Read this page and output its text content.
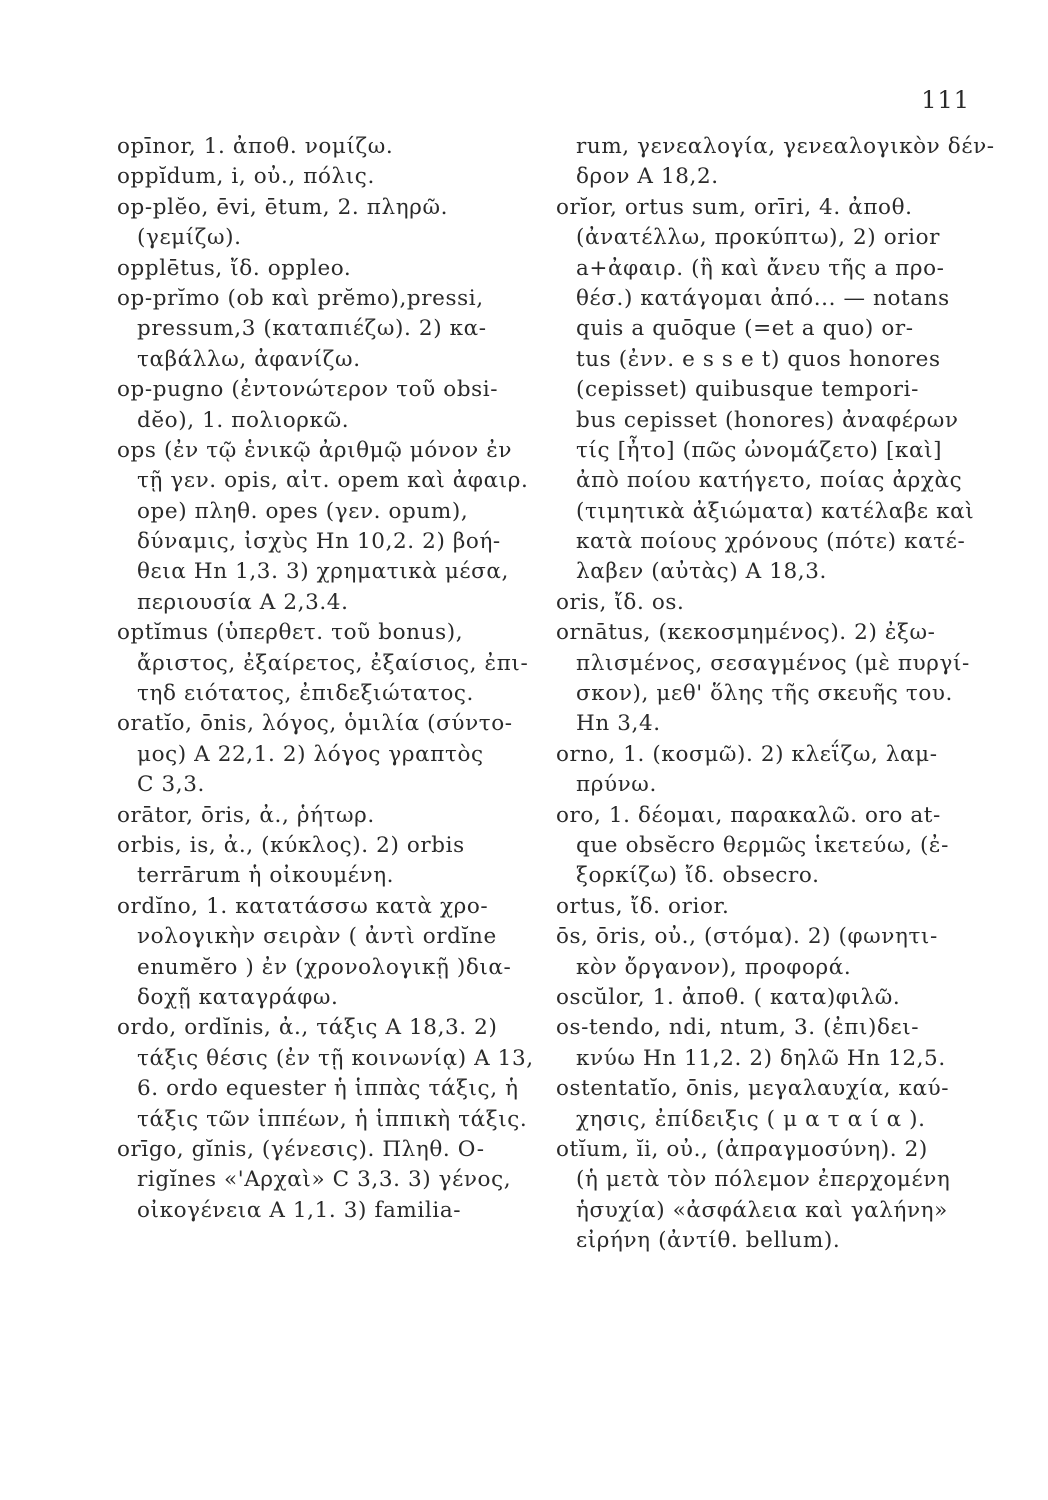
111
opīnor, 1. ἀποθ. νομίζω.
oppĭdum, i, οὐ., πόλις.
op-plĕo, ēvi, ētum, 2. πληρῶ.
(γεμίζω).
opplētus, ἴδ. oppleo.
op-prĭmo (ob καὶ prĕmo),pressi,
pressum,3 (καταπιέζω). 2) κα-
ταβάλλω, ἀφανίζω.
op-pugno (ἐντονώτερον τοῦ obsi-
dĕo), 1. πολιορκῶ.
ops (ἐν τῷ ἑνικῷ ἀριθμῷ μόνον ἐν
τῇ γεν. opis, αἰτ. opem καὶ ἀφαιρ.
ope) πληθ. opes (γεν. opum),
δύναμις, ἰσχὺς Hn 10,2. 2) βοή-
θεια Hn 1,3. 3) χρηματικὰ μέσα,
περιουσία A 2,3.4.
optĭmus (ὑπερθετ. τοῦ bonus),
ἄριστος, ἐξαίρετος, ἐξαίσιος, ἐπι-
τηδ ειότατος, ἐπιδεξιώτατος.
oratĭo, ōnis, λόγος, ὁμιλία (σύντο-
μος) A 22,1. 2) λόγος γραπτὸς
C 3,3.
orātor, ōris, ἀ., ῥήτωρ.
orbis, is, ἀ., (κύκλος). 2) orbis
terrārum ἡ οἰκουμένη.
ordĭno, 1. κατατάσσω κατὰ χρο-
νολογικὴν σειρὰν ( ἀντὶ ordĭne
enumĕro ) ἐν (χρονολογικῇ )δια-
δοχῇ καταγράφω.
ordo, ordĭnis, ἀ., τάξις A 18,3. 2)
τάξις θέσις (ἐν τῇ κοινωνίᾳ) A 13,
6. ordo equester ἡ ἱππὰς τάξις, ἡ
τάξις τῶν ἱππέων, ἡ ἱππικὴ τάξις.
orīgo, gĭnis, (γένεσις). Πληθ. O-
rigĭnes «'Αρχαὶ» C 3,3. 3) γένος,
οἰκογένεια A 1,1. 3) familia-
rum, γενεαλογία, γενεαλογικὸν δέν-
δρον A 18,2.
orĭor, ortus sum, orīri, 4. ἀποθ.
(ἀνατέλλω, προκύπτω), 2) orior
a+ἀφαιρ. (ἢ καὶ ἄνευ τῆς a προ-
θέσ.) κατάγομαι ἀπό... — notans
quis a quōque (=et a quo) or-
tus (ἐνν. e s s e t) quos honores
(cepisset) quibusque tempori-
bus cepisset (honores) ἀναφέρων
τίς [ἦτο] (πῶς ὠνομάζετο) [καὶ]
ἀπὸ ποίου κατήγετο, ποίας ἀρχὰς
(τιμητικὰ ἀξιώματα) κατέλαβε καὶ
κατὰ ποίους χρόνους (πότε) κατέ-
λαβεν (αὐτὰς) A 18,3.
oris, ἴδ. os.
ornātus, (κεκοσμημένος). 2) ἐξω-
πλισμένος, σεσαγμένος (μὲ πυργί-
σκον), μεθ' ὅλης τῆς σκευῆς του.
Hn 3,4.
orno, 1. (κοσμῶ). 2) κλεΐζω, λαμ-
πρύνω.
oro, 1. δέομαι, παρακαλῶ. oro at-
que obsĕcro θερμῶς ἱκετεύω, (ἐ-
ξορκίζω) ἴδ. obsecro.
ortus, ἴδ. orior.
ōs, ōris, οὐ., (στόμα). 2) (φωνητι-
κὸν ὄργανον), προφορά.
oscŭlor, 1. ἀποθ. ( κατα)φιλῶ.
os-tendo, ndi, ntum, 3. (ἐπι)δει-
κνύω Hn 11,2. 2) δηλῶ Hn 12,5.
ostentatĭo, ōnis, μεγαλαυχία, καύ-
χησις, ἐπίδειξις ( μ α τ α ί α ).
otĭum, ĭi, οὐ., (ἀπραγμοσύνη). 2)
(ἡ μετὰ τὸν πόλεμον ἐπερχομένη
ἡσυχία) «ἀσφάλεια καὶ γαλήνη»
εἰρήνη (ἀντίθ. bellum).
